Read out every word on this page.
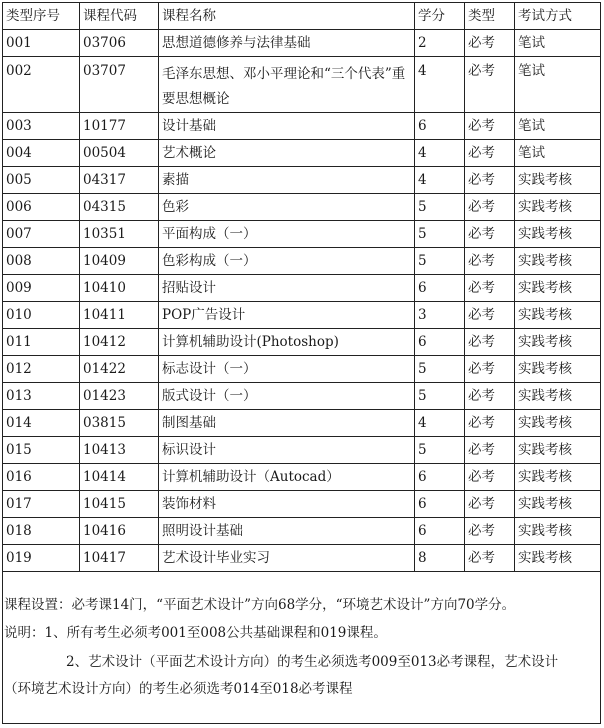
类型序号	课程代码	课程名称	学分	类型	考试方式
001	03706	思想道德修养与法律基础	2	必考	笔试
002	03707	毛泽东思想、邓小平理论和“三个代表”重要思想概论	4	必考	笔试
003	10177	设计基础	6	必考	笔试
004	00504	艺术概论	4	必考	笔试
005	04317	素描	4	必考	实践考核
006	04315	色彩	5	必考	实践考核
007	10351	平面构成（一）	5	必考	实践考核
008	10409	色彩构成（一）	5	必考	实践考核
009	10410	招贴设计	6	必考	实践考核
010	10411	POP广告设计	3	必考	实践考核
011	10412	计算机辅助设计(Photoshop)	6	必考	实践考核
012	01422	标志设计（一）	5	必考	实践考核
013	01423	版式设计（一）	5	必考	实践考核
014	03815	制图基础	4	必考	实践考核
015	10413	标识设计	5	必考	实践考核
016	10414	计算机辅助设计（Autocad）	6	必考	实践考核
017	10415	装饰材料	6	必考	实践考核
018	10416	照明设计基础	6	必考	实践考核
019	10417	艺术设计毕业实习	8	必考	实践考核
课程设置：必考课14门，“平面艺术设计”方向68学分，“环境艺术设计”方向70学分。
说明：1、所有考生必须考001至008公共基础课程和019课程。
2、艺术设计（平面艺术设计方向）的考生必须选考009至013必考课程，艺术设计
（环境艺术设计方向）的考生必须选考014至018必考课程
